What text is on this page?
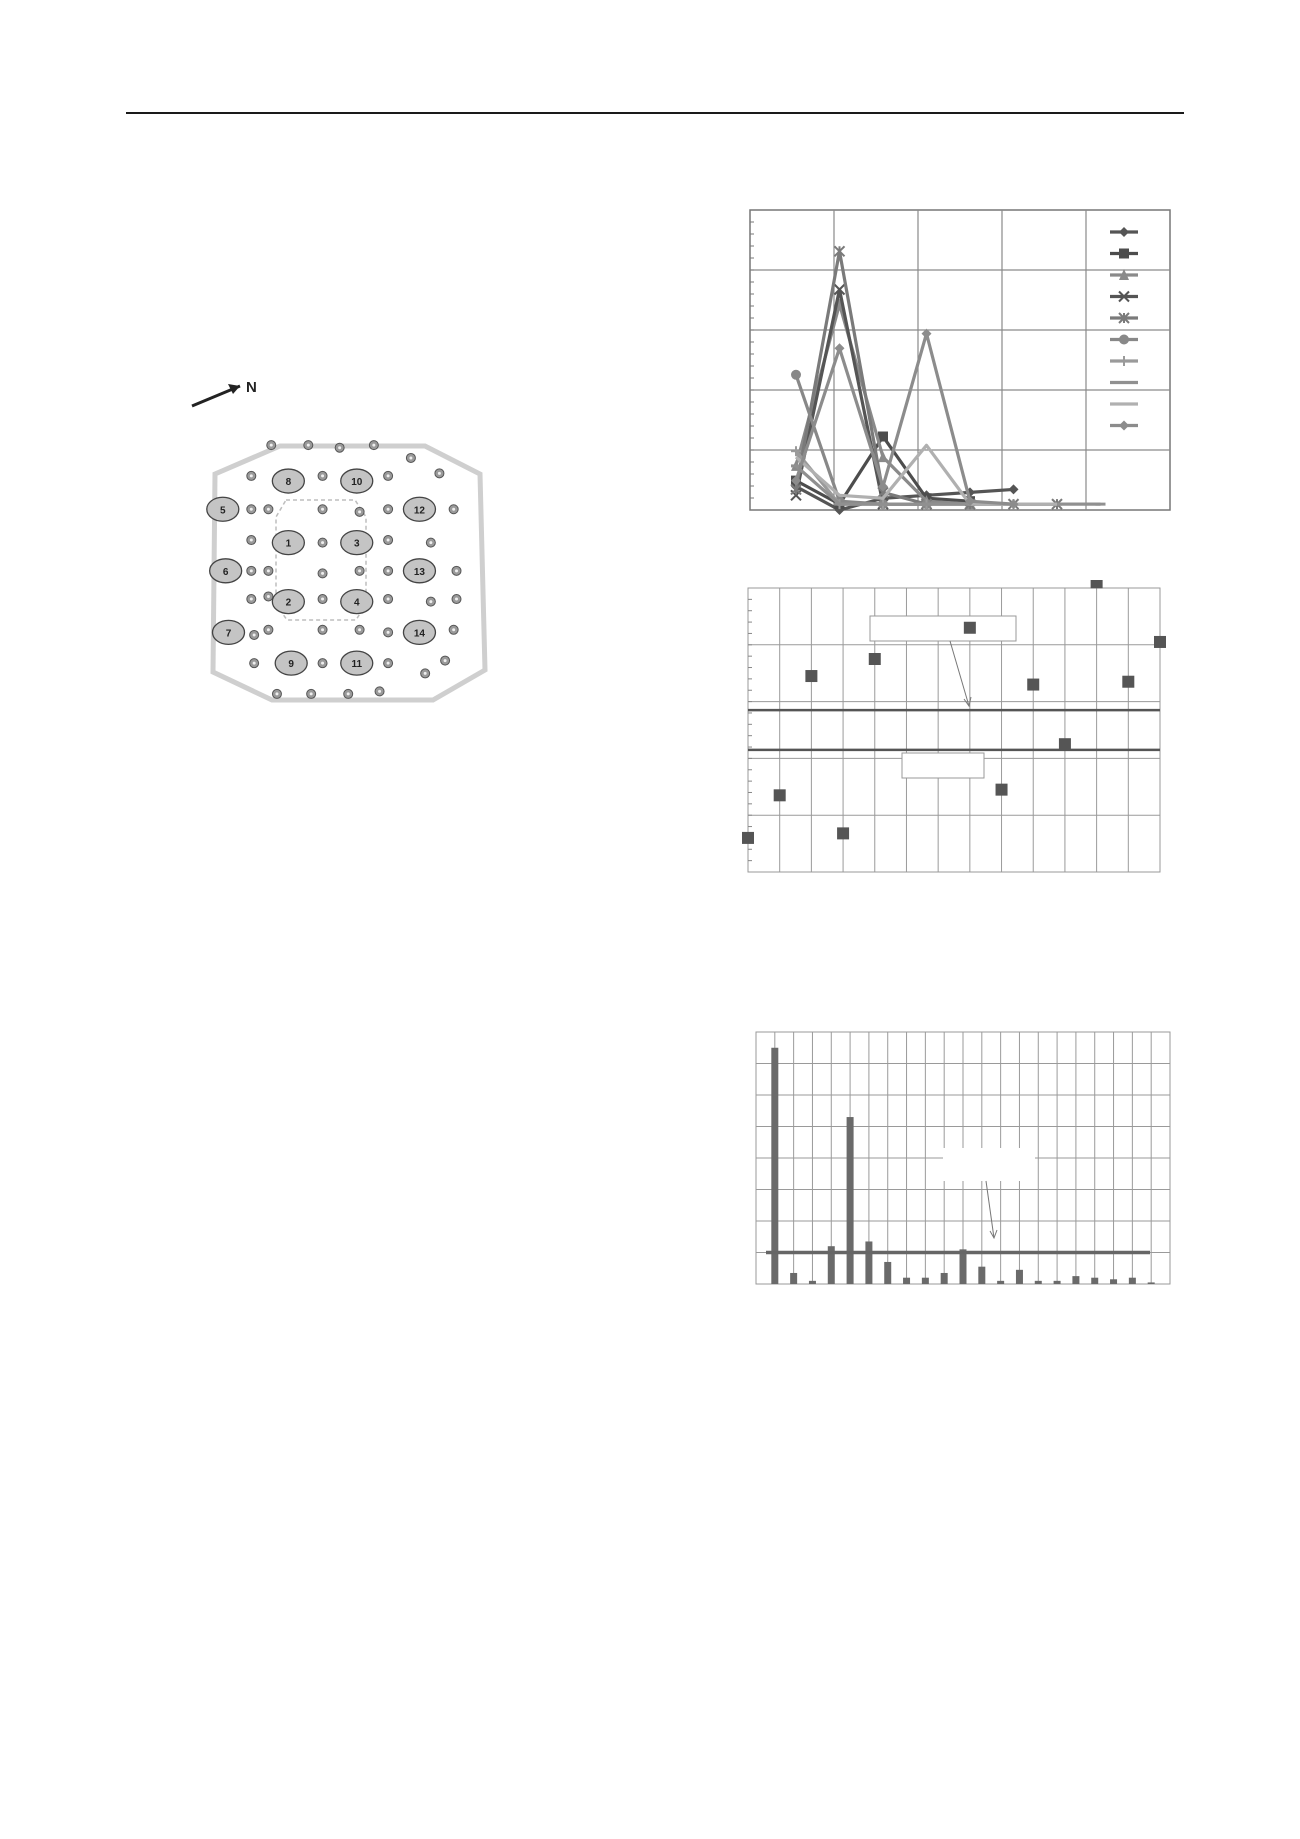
N
1
2
3
4
5
6
7
8
9
10
11
12
13
14
